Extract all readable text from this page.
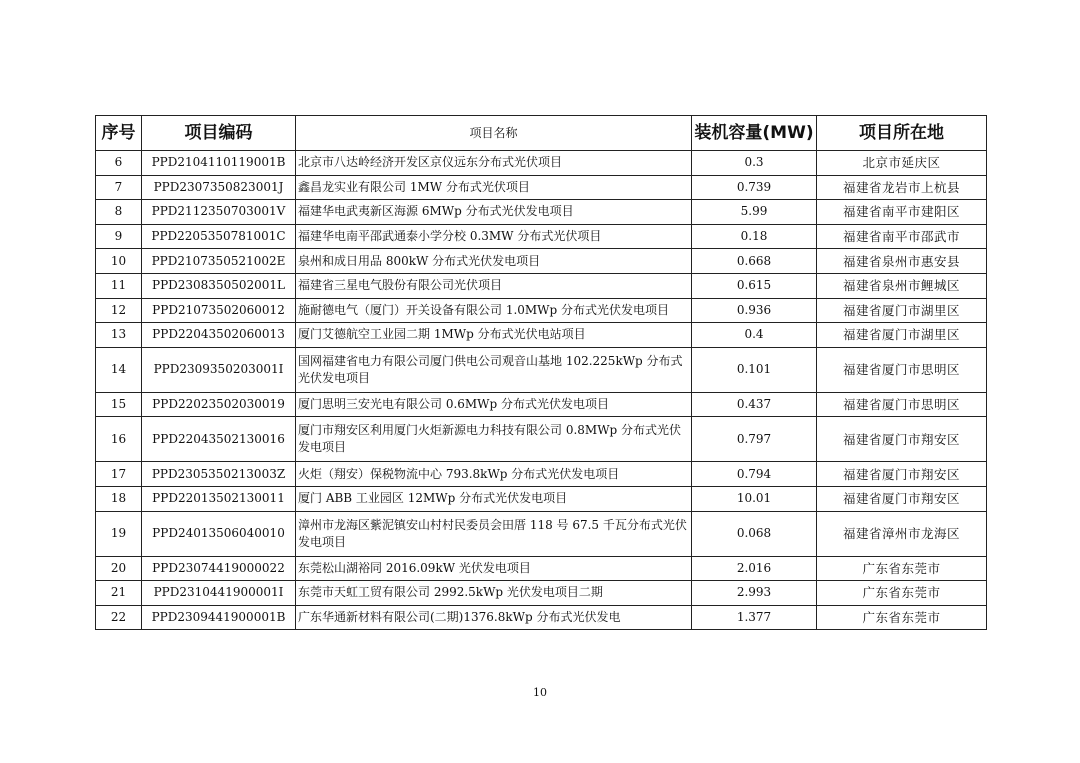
序号	项目编码	项目名称	装机容量(MW)	项目所在地
6	PPD2104110119001B	北京市八达岭经济开发区京仪远东分布式光伏项目	0.3	北京市延庆区
7	PPD2307350823001J	鑫昌龙实业有限公司 1MW 分布式光伏项目	0.739	福建省龙岩市上杭县
8	PPD2112350703001V	福建华电武夷新区海源 6MWp 分布式光伏发电项目	5.99	福建省南平市建阳区
9	PPD2205350781001C	福建华电南平邵武通泰小学分校 0.3MW 分布式光伏项目	0.18	福建省南平市邵武市
10	PPD2107350521002E	泉州和成日用品 800kW 分布式光伏发电项目	0.668	福建省泉州市惠安县
11	PPD2308350502001L	福建省三星电气股份有限公司光伏项目	0.615	福建省泉州市鲤城区
12	PPD21073502060012	施耐德电气（厦门）开关设备有限公司 1.0MWp 分布式光伏发电项目	0.936	福建省厦门市湖里区
13	PPD22043502060013	厦门艾德航空工业园二期 1MWp 分布式光伏电站项目	0.4	福建省厦门市湖里区
14	PPD2309350203001I	国网福建省电力有限公司厦门供电公司观音山基地 102.225kWp 分布式光伏发电项目	0.101	福建省厦门市思明区
15	PPD22023502030019	厦门思明三安光电有限公司 0.6MWp 分布式光伏发电项目	0.437	福建省厦门市思明区
16	PPD22043502130016	厦门市翔安区利用厦门火炬新源电力科技有限公司 0.8MWp 分布式光伏发电项目	0.797	福建省厦门市翔安区
17	PPD2305350213003Z	火炬（翔安）保税物流中心 793.8kWp 分布式光伏发电项目	0.794	福建省厦门市翔安区
18	PPD22013502130011	厦门 ABB 工业园区 12MWp 分布式光伏发电项目	10.01	福建省厦门市翔安区
19	PPD24013506040010	漳州市龙海区紫泥镇安山村村民委员会田厝 118 号 67.5 千瓦分布式光伏发电项目	0.068	福建省漳州市龙海区
20	PPD23074419000022	东莞松山湖裕同 2016.09kW 光伏发电项目	2.016	广东省东莞市
21	PPD2310441900001I	东莞市天虹工贸有限公司 2992.5kWp 光伏发电项目二期	2.993	广东省东莞市
22	PPD2309441900001B	广东华通新材料有限公司(二期)1376.8kWp 分布式光伏发电	1.377	广东省东莞市
10
